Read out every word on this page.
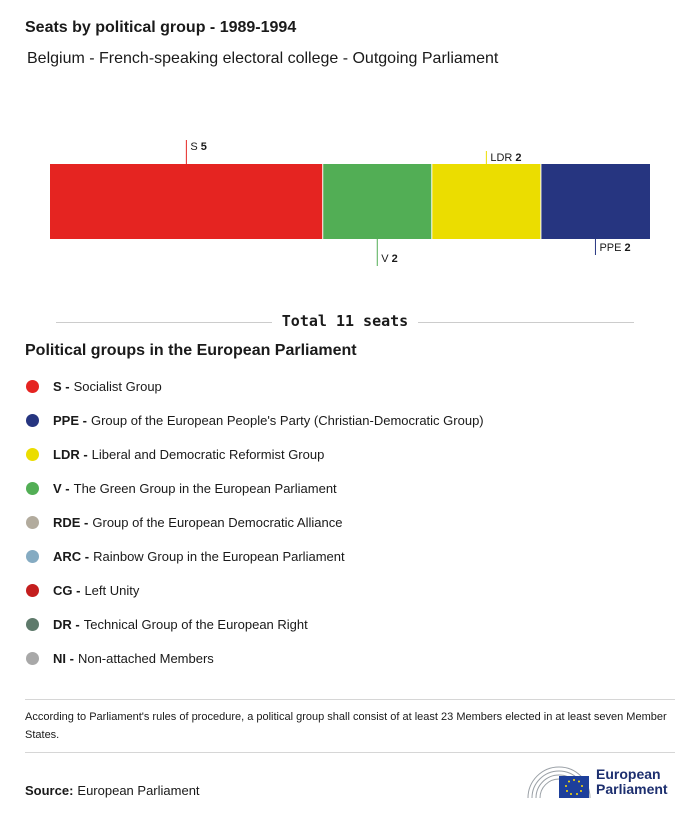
Seats by political group - 1989-1994

Belgium - French-speaking electoral college - Outgoing Parliament

S 5
V 2
LDR 2
PPE 2
Total 11 seats
Political groups in the European Parliament
S - Socialist Group
PPE - Group of the European People's Party (Christian-Democratic Group)
LDR - Liberal and Democratic Reformist Group
V - The Green Group in the European Parliament
RDE - Group of the European Democratic Alliance
ARC - Rainbow Group in the European Parliament
CG - Left Unity
DR - Technical Group of the European Right
NI - Non-attached Members

According to Parliament's rules of procedure, a political group shall consist of at least 23 Members elected in at least seven Member States.

Source: European Parliament
European
Parliament
